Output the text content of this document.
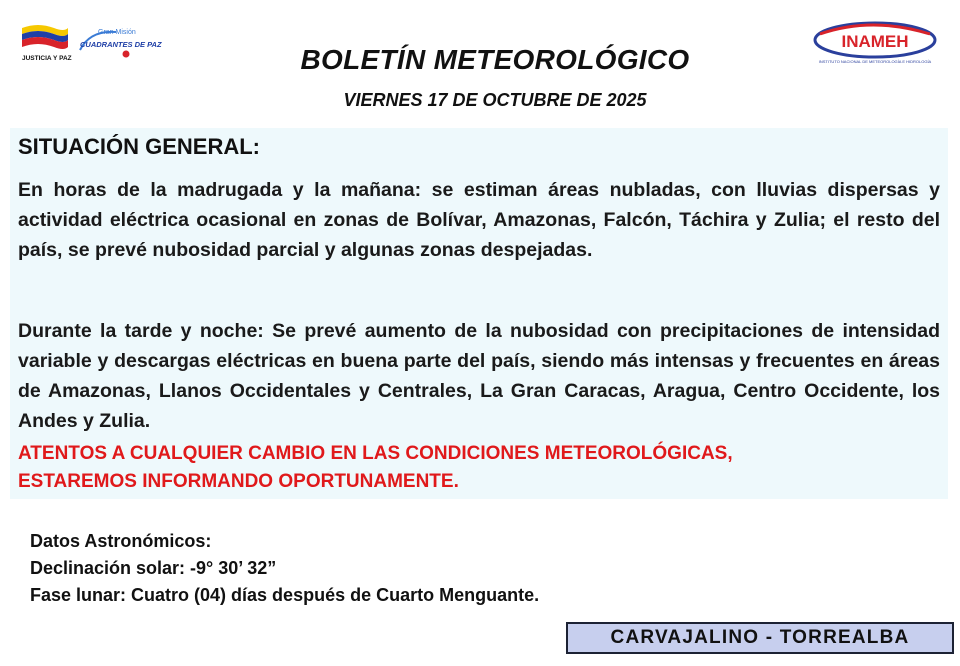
JUSTICIA Y PAZ
Gran Misión
CUADRANTES DE PAZ	INAMEH
INSTITUTO NACIONAL DE METEOROLOGÍA E HIDROLOGÍA
BOLETÍN METEOROLÓGICO
VIERNES 17 DE OCTUBRE DE 2025
SITUACIÓN GENERAL:
En horas de la madrugada y la mañana: se estiman áreas nubladas, con lluvias dispersas y actividad eléctrica ocasional en zonas de Bolívar, Amazonas, Falcón, Táchira y Zulia; el resto del país, se prevé nubosidad parcial y algunas zonas despejadas.
Durante la tarde y noche: Se prevé aumento de la nubosidad con precipitaciones de intensidad variable y descargas eléctricas en buena parte del país, siendo más intensas y frecuentes en áreas de Amazonas, Llanos Occidentales y Centrales, La Gran Caracas, Aragua, Centro Occidente, los Andes y Zulia.
ATENTOS A CUALQUIER CAMBIO EN LAS CONDICIONES METEOROLÓGICAS,
ESTAREMOS INFORMANDO OPORTUNAMENTE.
Datos Astronómicos:
Declinación solar: -9° 30’ 32”
Fase lunar: Cuatro (04) días después de Cuarto Menguante.
CARVAJALINO - TORREALBA
